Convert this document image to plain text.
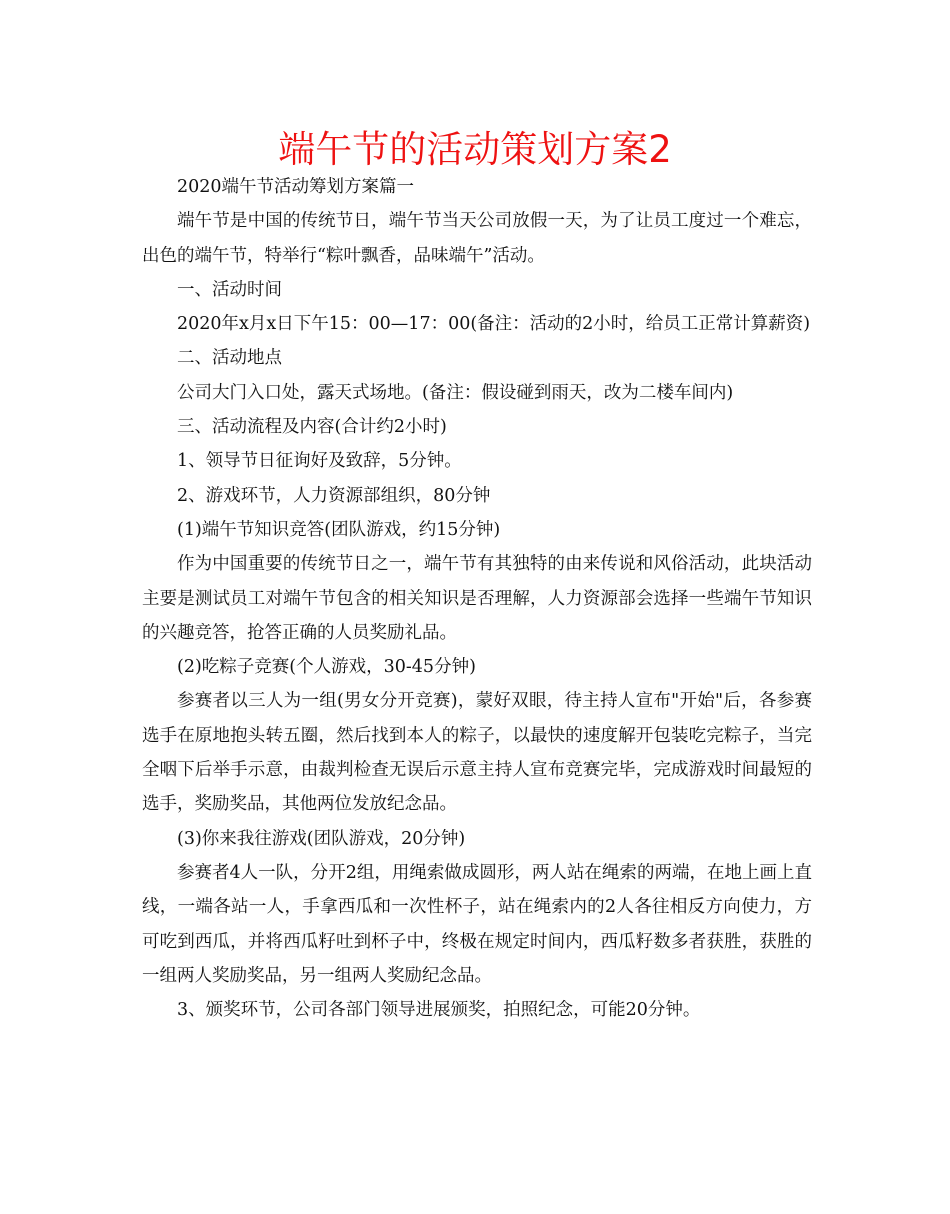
端午节的活动策划方案2

2020端午节活动筹划方案篇一

端午节是中国的传统节日，端午节当天公司放假一天，为了让员工度过一个难忘，出色的端午节，特举行“粽叶飘香，品味端午”活动。

一、活动时间

2020年x月x日下午15：00—17：00(备注：活动的2小时，给员工正常计算薪资)

二、活动地点

公司大门入口处，露天式场地。(备注：假设碰到雨天，改为二楼车间内)

三、活动流程及内容(合计约2小时)

1、领导节日征询好及致辞，5分钟。

2、游戏环节，人力资源部组织，80分钟

(1)端午节知识竞答(团队游戏，约15分钟)

作为中国重要的传统节日之一，端午节有其独特的由来传说和风俗活动，此块活动主要是测试员工对端午节包含的相关知识是否理解，人力资源部会选择一些端午节知识的兴趣竞答，抢答正确的人员奖励礼品。

(2)吃粽子竞赛(个人游戏，30-45分钟)

参赛者以三人为一组(男女分开竞赛)，蒙好双眼，待主持人宣布"开始"后，各参赛选手在原地抱头转五圈，然后找到本人的粽子，以最快的速度解开包装吃完粽子，当完全咽下后举手示意，由裁判检查无误后示意主持人宣布竞赛完毕，完成游戏时间最短的选手，奖励奖品，其他两位发放纪念品。

(3)你来我往游戏(团队游戏，20分钟)

参赛者4人一队，分开2组，用绳索做成圆形，两人站在绳索的两端，在地上画上直线，一端各站一人，手拿西瓜和一次性杯子，站在绳索内的2人各往相反方向使力，方可吃到西瓜，并将西瓜籽吐到杯子中，终极在规定时间内，西瓜籽数多者获胜，获胜的一组两人奖励奖品，另一组两人奖励纪念品。

3、颁奖环节，公司各部门领导进展颁奖，拍照纪念，可能20分钟。
